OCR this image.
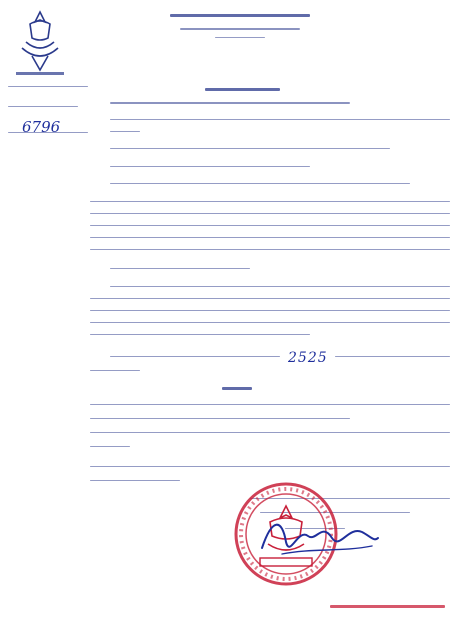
6796
2525
